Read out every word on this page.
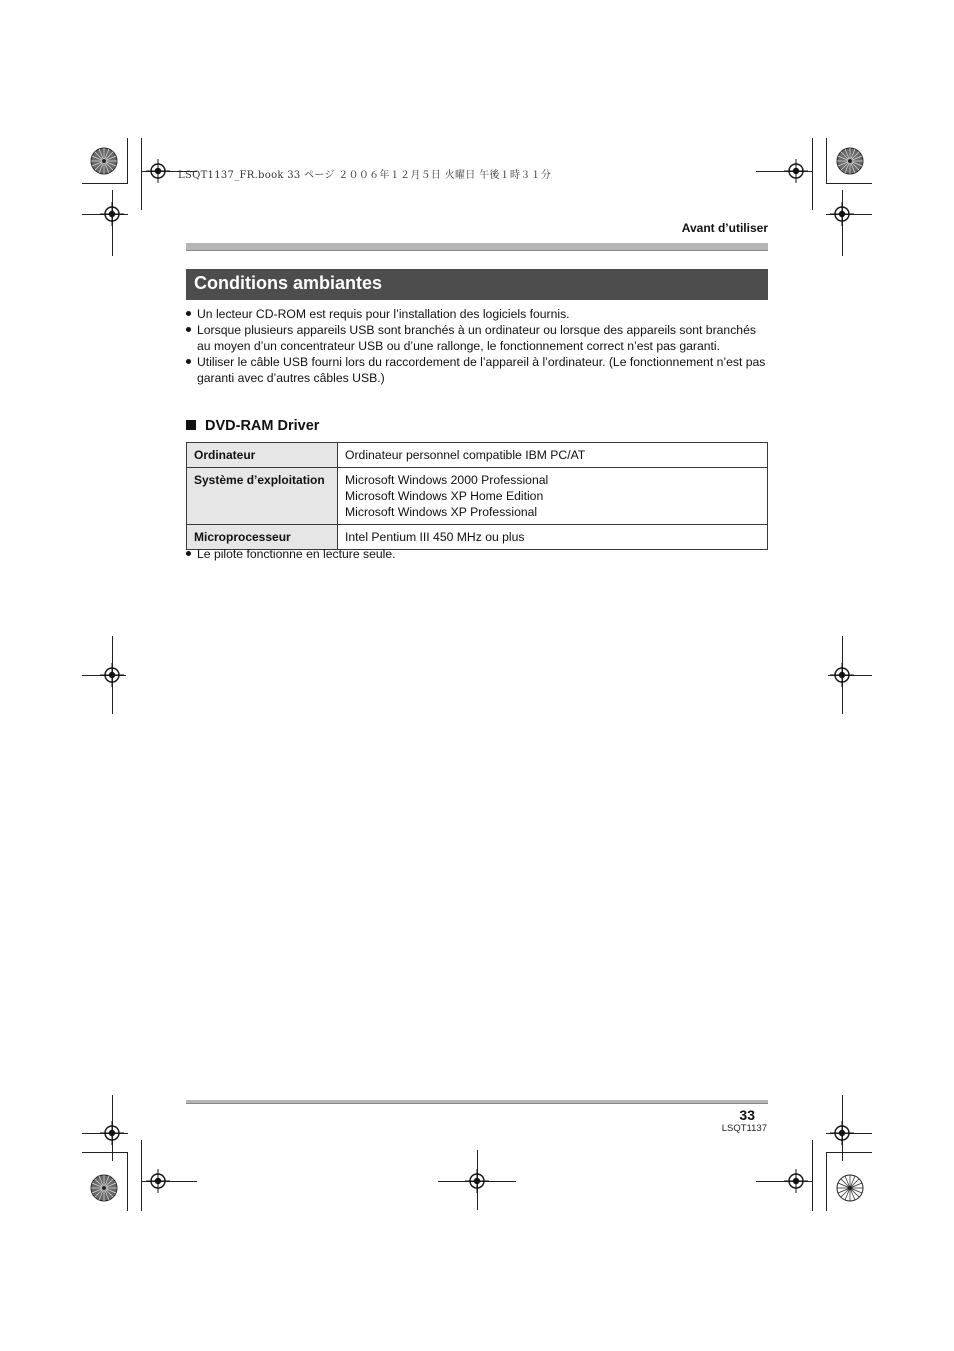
LSQT1137_FR.book 33 ページ ２００６年１２月５日 火曜日 午後１時３１分
Avant d’utiliser
Conditions ambiantes
Un lecteur CD-ROM est requis pour l’installation des logiciels fournis.
Lorsque plusieurs appareils USB sont branchés à un ordinateur ou lorsque des appareils sont branchés au moyen d’un concentrateur USB ou d’une rallonge, le fonctionnement correct n’est pas garanti.
Utiliser le câble USB fourni lors du raccordement de l’appareil à l’ordinateur. (Le fonctionnement n’est pas garanti avec d’autres câbles USB.)
DVD-RAM Driver
Ordinateur	Ordinateur personnel compatible IBM PC/AT

Système d’exploitation	Microsoft Windows 2000 Professional
Microsoft Windows XP Home Edition
Microsoft Windows XP Professional

Microprocesseur	Intel Pentium III 450 MHz ou plus
Le pilote fonctionne en lecture seule.
33
LSQT1137
